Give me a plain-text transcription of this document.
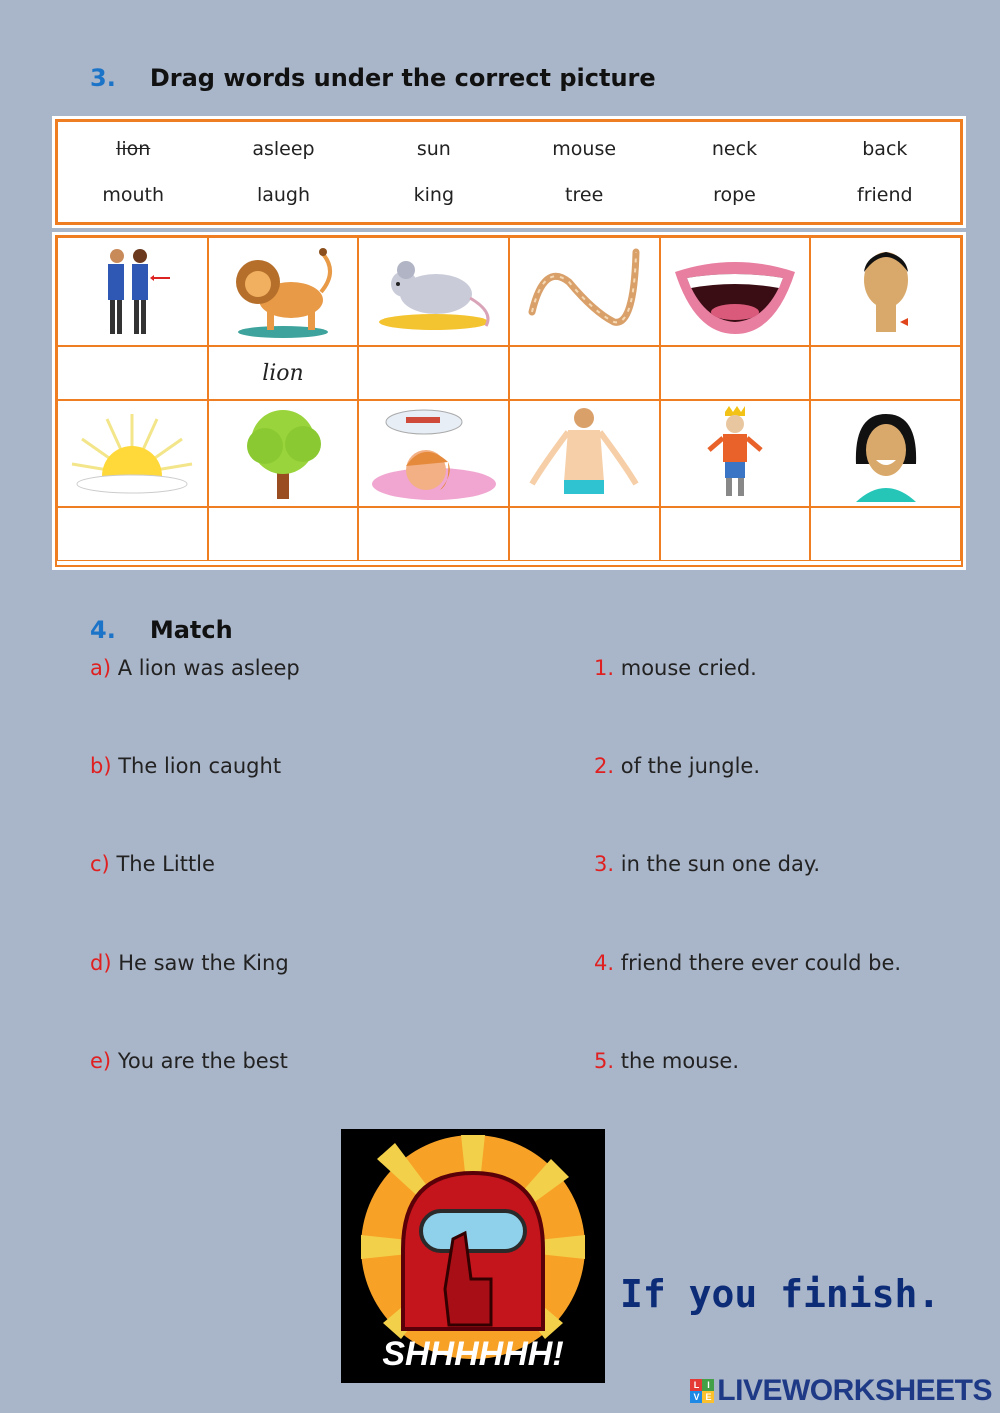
3. Drag words under the correct picture
lion	asleep	sun	mouse	neck	back
mouth	laugh	king	tree	rope	friend
lion
4. Match
a) A lion was asleep
b) The lion caught
c) The Little
d) He saw the King
e) You are the best
1. mouse cried.
2. of the jungle.
3. in the sun one day.
4. friend there ever could be.
5. the mouse.
SHHHHHH!
If you finish.
L I
V E LIVEWORKSHEETS
